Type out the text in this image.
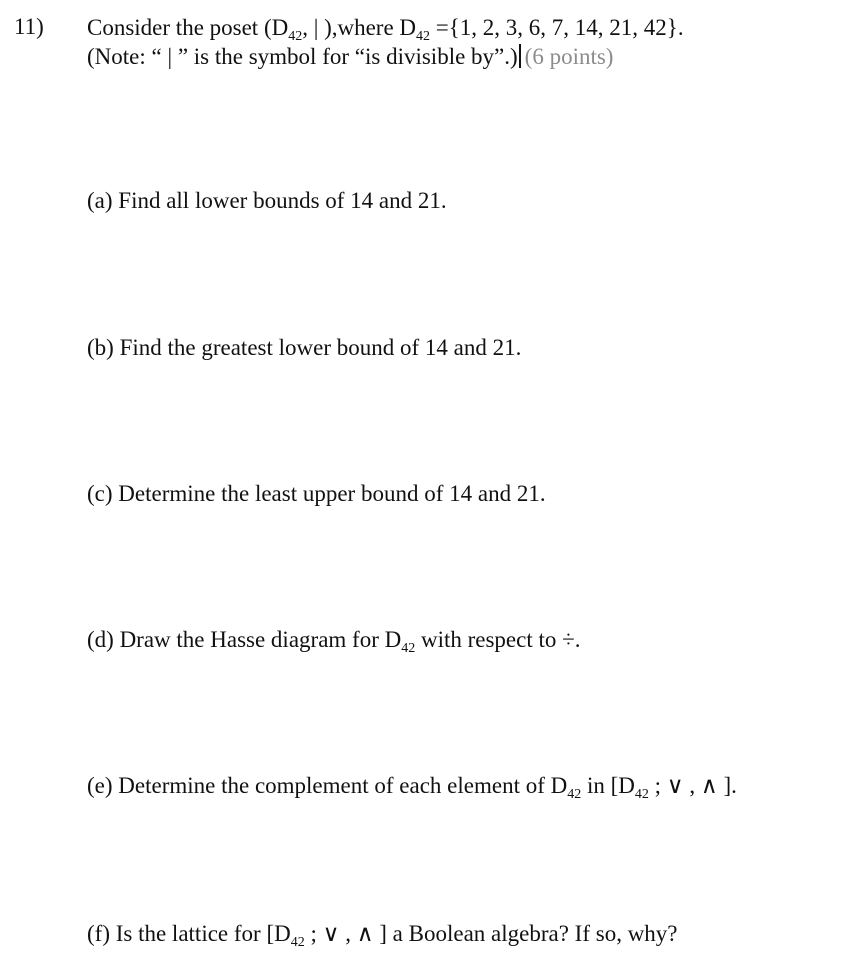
11) Consider the poset ($D_{42}$, | ),where $D_{42} =\{1$, 2, 3, 6, 7, 14, 21, 42}.
(Note: “ | ” is the symbol for “is divisible by”.) (6 points)
(a) Find all lower bounds of 14 and 21.
(b) Find the greatest lower bound of 14 and 21.
(c) Determine the least upper bound of 14 and 21.
(d) Draw the Hasse diagram for $D_{42}$ with respect to ÷.
(e) Determine the complement of each element of $D_{42}$ in [$D_{42}$ ; ∨ , ∧ ].
(f) Is the lattice for [$D_{42}$ ; ∨ , ∧ ] a Boolean algebra? If so, why?
